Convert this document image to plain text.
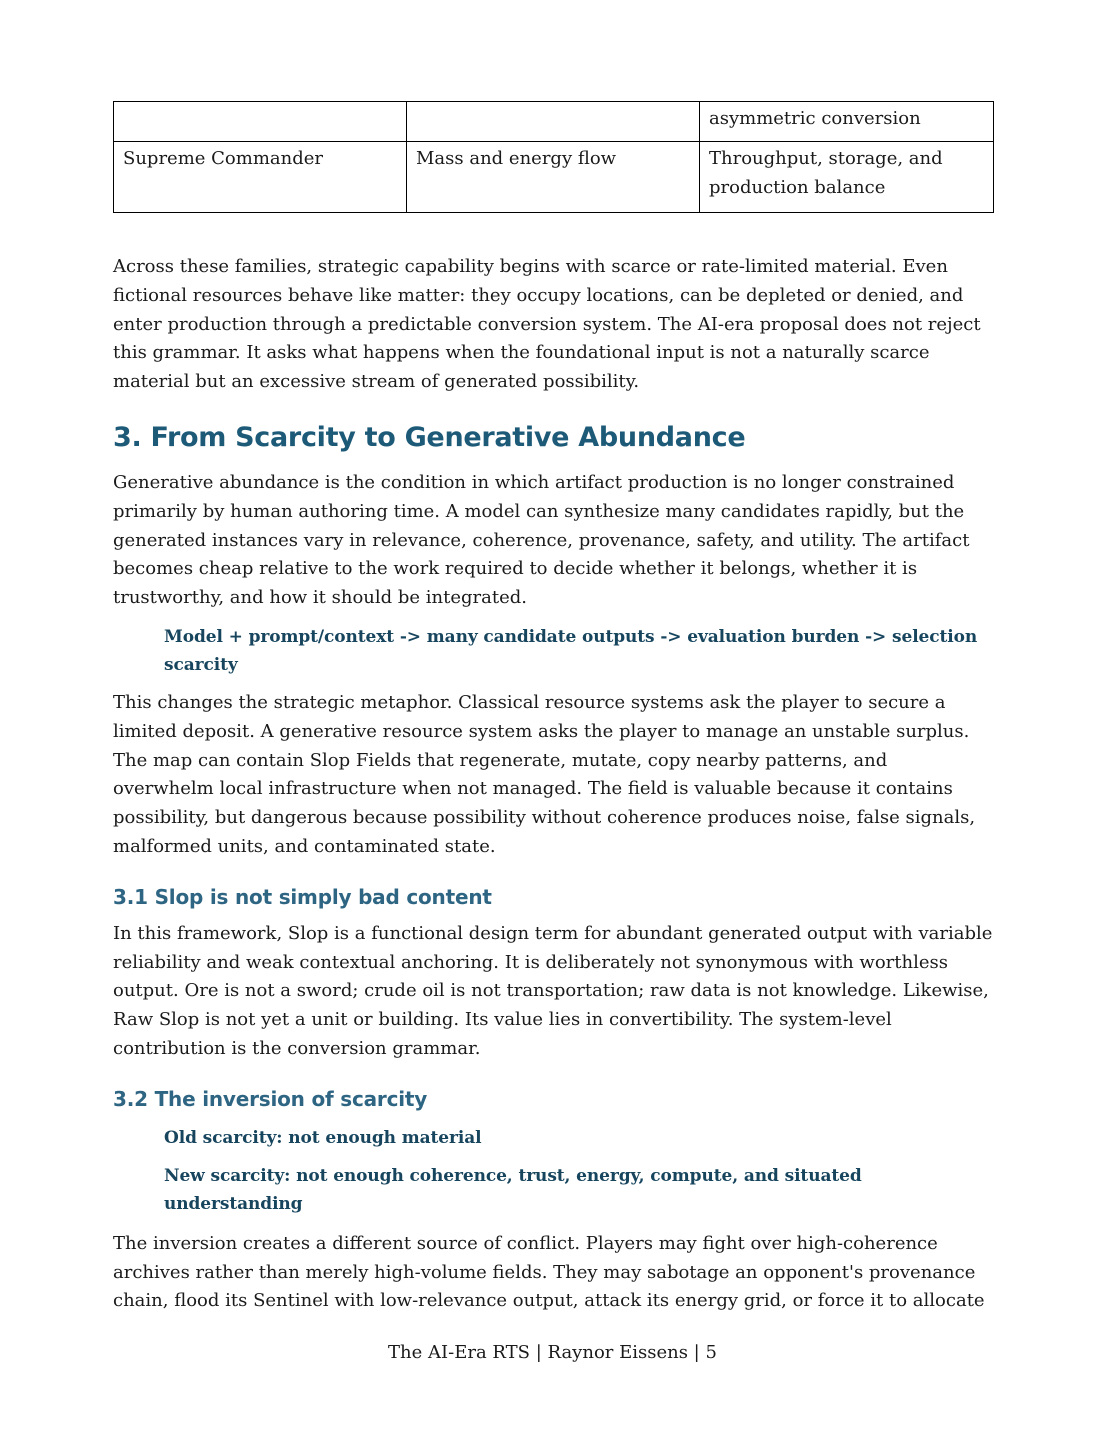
		asymmetric conversion
Supreme Commander	Mass and energy flow	Throughput, storage, and production balance

Across these families, strategic capability begins with scarce or rate-limited material. Even fictional resources behave like matter: they occupy locations, can be depleted or denied, and enter production through a predictable conversion system. The AI-era proposal does not reject this grammar. It asks what happens when the foundational input is not a naturally scarce material but an excessive stream of generated possibility.

3. From Scarcity to Generative Abundance

Generative abundance is the condition in which artifact production is no longer constrained primarily by human authoring time. A model can synthesize many candidates rapidly, but the generated instances vary in relevance, coherence, provenance, safety, and utility. The artifact becomes cheap relative to the work required to decide whether it belongs, whether it is trustworthy, and how it should be integrated.

Model + prompt/context -> many candidate outputs -> evaluation burden -> selection scarcity

This changes the strategic metaphor. Classical resource systems ask the player to secure a limited deposit. A generative resource system asks the player to manage an unstable surplus. The map can contain Slop Fields that regenerate, mutate, copy nearby patterns, and overwhelm local infrastructure when not managed. The field is valuable because it contains possibility, but dangerous because possibility without coherence produces noise, false signals, malformed units, and contaminated state.

3.1 Slop is not simply bad content

In this framework, Slop is a functional design term for abundant generated output with variable reliability and weak contextual anchoring. It is deliberately not synonymous with worthless output. Ore is not a sword; crude oil is not transportation; raw data is not knowledge. Likewise, Raw Slop is not yet a unit or building. Its value lies in convertibility. The system-level contribution is the conversion grammar.

3.2 The inversion of scarcity
Old scarcity: not enough material
New scarcity: not enough coherence, trust, energy, compute, and situated understanding

The inversion creates a different source of conflict. Players may fight over high-coherence archives rather than merely high-volume fields. They may sabotage an opponent's provenance chain, flood its Sentinel with low-relevance output, attack its energy grid, or force it to allocate

The AI-Era RTS | Raynor Eissens | 5
